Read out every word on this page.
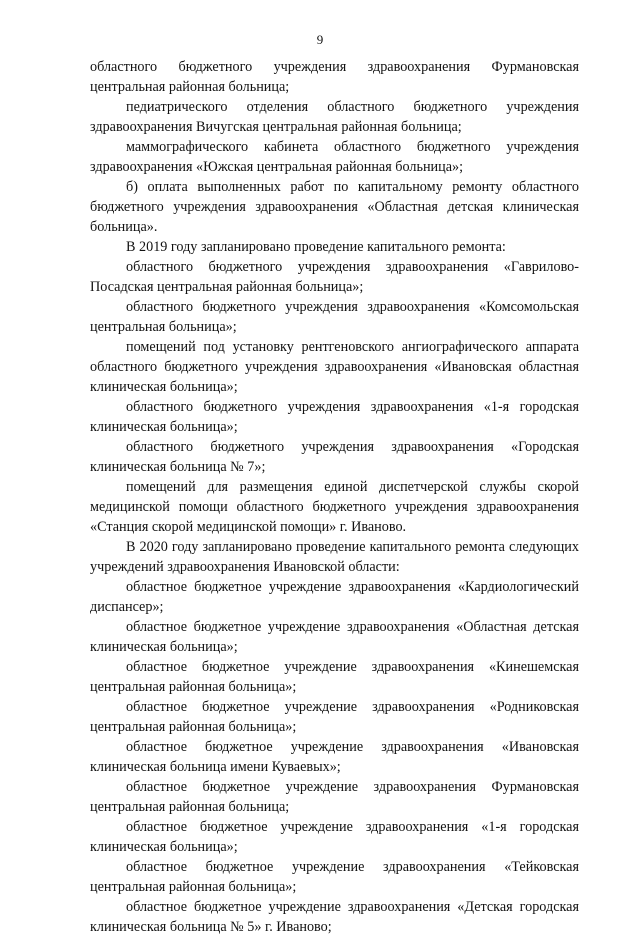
9

областного бюджетного учреждения здравоохранения Фурмановская центральная районная больница;

педиатрического отделения областного бюджетного учреждения здравоохранения Вичугская центральная районная больница;

маммографического кабинета областного бюджетного учреждения здравоохранения «Южская центральная районная больница»;

б) оплата выполненных работ по капитальному ремонту областного бюджетного учреждения здравоохранения «Областная детская клиническая больница».

В 2019 году запланировано проведение капитального ремонта:

областного бюджетного учреждения здравоохранения «Гаврилово-Посадская центральная районная больница»;

областного бюджетного учреждения здравоохранения «Комсомольская центральная больница»;

помещений под установку рентгеновского ангиографического аппарата областного бюджетного учреждения здравоохранения «Ивановская областная клиническая больница»;

областного бюджетного учреждения здравоохранения «1-я городская клиническая больница»;

областного бюджетного учреждения здравоохранения «Городская клиническая больница № 7»;

помещений для размещения единой диспетчерской службы скорой медицинской помощи областного бюджетного учреждения здравоохранения «Станция скорой медицинской помощи» г. Иваново.

В 2020 году запланировано проведение капитального ремонта следующих учреждений здравоохранения Ивановской области:

областное бюджетное учреждение здравоохранения «Кардиологический диспансер»;

областное бюджетное учреждение здравоохранения «Областная детская клиническая больница»;

областное бюджетное учреждение здравоохранения «Кинешемская центральная районная больница»;

областное бюджетное учреждение здравоохранения «Родниковская центральная районная больница»;

областное бюджетное учреждение здравоохранения «Ивановская клиническая больница имени Куваевых»;

областное бюджетное учреждение здравоохранения Фурмановская центральная районная больница;

областное бюджетное учреждение здравоохранения «1-я городская клиническая больница»;

областное бюджетное учреждение здравоохранения «Тейковская центральная районная больница»;

областное бюджетное учреждение здравоохранения «Детская городская клиническая больница № 5» г. Иваново;
